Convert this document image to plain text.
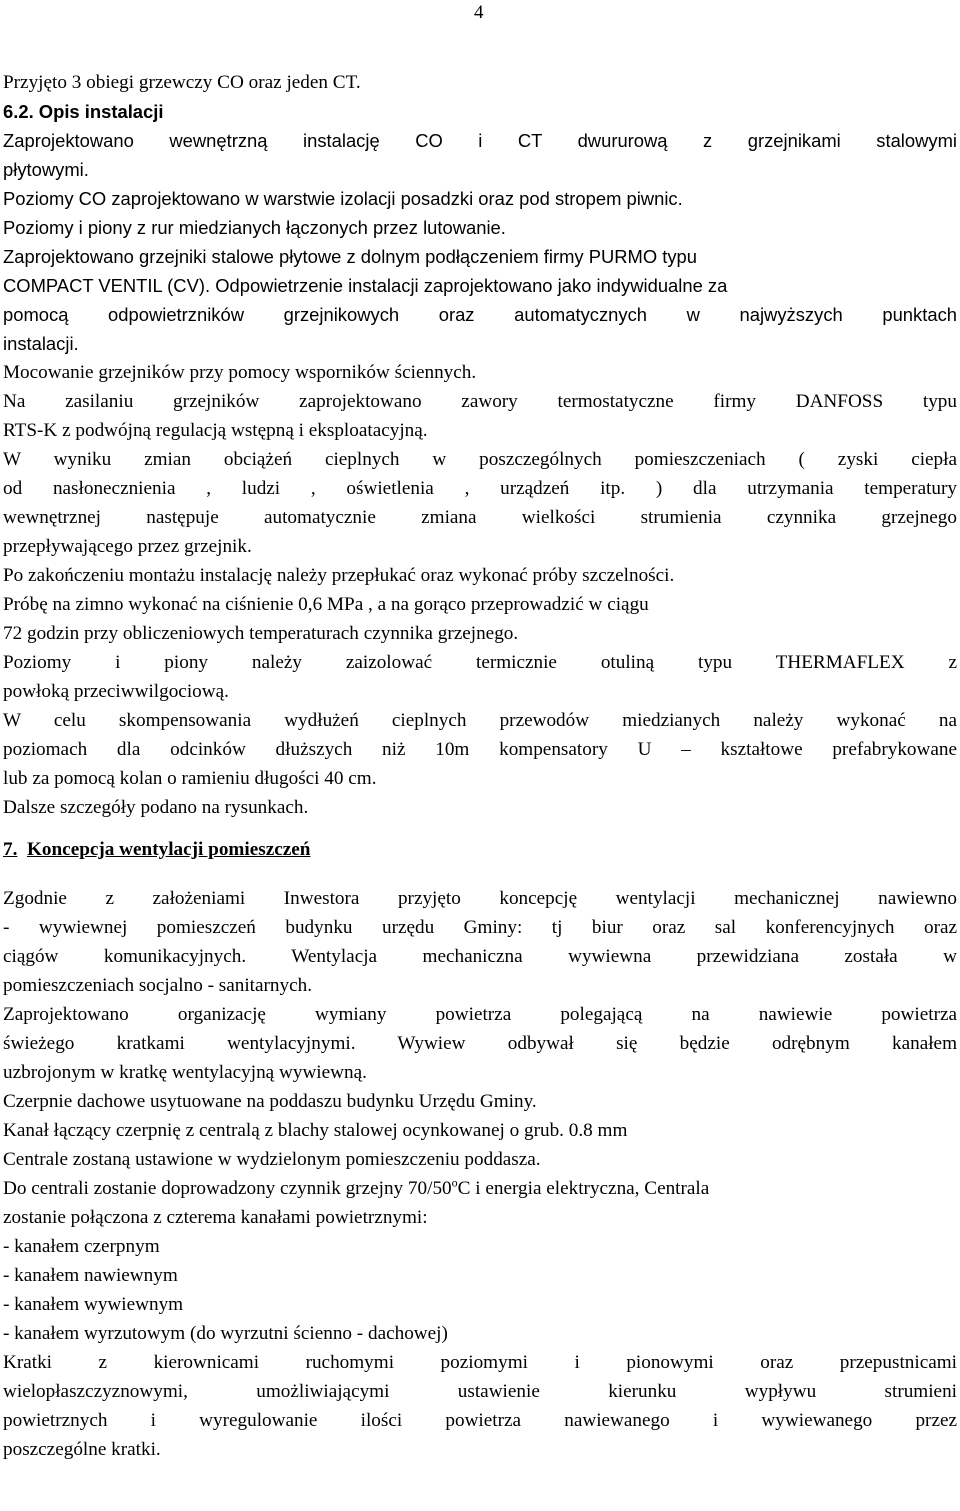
4
Przyjęto 3 obiegi grzewczy CO oraz jeden CT.
6.2. Opis instalacji
Zaprojektowano wewnętrzną instalację CO i CT dwururową z grzejnikami stalowymi
płytowymi.
Poziomy CO zaprojektowano w warstwie izolacji posadzki oraz pod stropem piwnic.
Poziomy i piony z rur miedzianych łączonych przez lutowanie.
Zaprojektowano grzejniki stalowe płytowe z dolnym podłączeniem firmy PURMO typu
COMPACT VENTIL (CV). Odpowietrzenie instalacji zaprojektowano jako indywidualne za
pomocą odpowietrzników grzejnikowych oraz automatycznych w najwyższych punktach
instalacji.
Mocowanie grzejników przy pomocy wsporników ściennych.
Na zasilaniu grzejników zaprojektowano zawory termostatyczne firmy DANFOSS typu
RTS-K z podwójną regulacją wstępną i eksploatacyjną.
W wyniku zmian obciążeń cieplnych w poszczególnych pomieszczeniach ( zyski ciepła
od nasłonecznienia , ludzi , oświetlenia , urządzeń itp. ) dla utrzymania temperatury
wewnętrznej następuje automatycznie zmiana wielkości strumienia czynnika grzejnego
przepływającego przez grzejnik.
Po zakończeniu montażu instalację należy przepłukać oraz wykonać próby szczelności.
Próbę na zimno wykonać na ciśnienie 0,6 MPa , a na gorąco przeprowadzić w ciągu
72 godzin przy obliczeniowych temperaturach czynnika grzejnego.
Poziomy i piony należy zaizolować termicznie otuliną typu THERMAFLEX z
powłoką przeciwwilgociową.
W celu skompensowania wydłużeń cieplnych przewodów miedzianych należy wykonać na
poziomach dla odcinków dłuższych niż 10m kompensatory U – kształtowe prefabrykowane
lub za pomocą kolan o ramieniu długości 40 cm.
Dalsze szczegóły podano na rysunkach.
7. Koncepcja wentylacji pomieszczeń
Zgodnie z założeniami Inwestora przyjęto koncepcję wentylacji mechanicznej nawiewno
- wywiewnej pomieszczeń budynku urzędu Gminy: tj biur oraz sal konferencyjnych oraz
ciągów komunikacyjnych. Wentylacja mechaniczna wywiewna przewidziana została w
pomieszczeniach socjalno - sanitarnych.
Zaprojektowano organizację wymiany powietrza polegającą na nawiewie powietrza
świeżego kratkami wentylacyjnymi. Wywiew odbywał się będzie odrębnym kanałem
uzbrojonym w kratkę wentylacyjną wywiewną.
Czerpnie dachowe usytuowane na poddaszu budynku Urzędu Gminy.
Kanał łączący czerpnię z centralą z blachy stalowej ocynkowanej o grub. 0.8 mm
Centrale zostaną ustawione w wydzielonym pomieszczeniu poddasza.
Do centrali zostanie doprowadzony czynnik grzejny 70/50$^o$C i energia elektryczna, Centrala
zostanie połączona z czterema kanałami powietrznymi:
- kanałem czerpnym
- kanałem nawiewnym
- kanałem wywiewnym
- kanałem wyrzutowym (do wyrzutni ścienno - dachowej)
Kratki z kierownicami ruchomymi poziomymi i pionowymi oraz przepustnicami
wielopłaszczyznowymi, umożliwiającymi ustawienie kierunku wypływu strumieni
powietrznych i wyregulowanie ilości powietrza nawiewanego i wywiewanego przez
poszczególne kratki.
